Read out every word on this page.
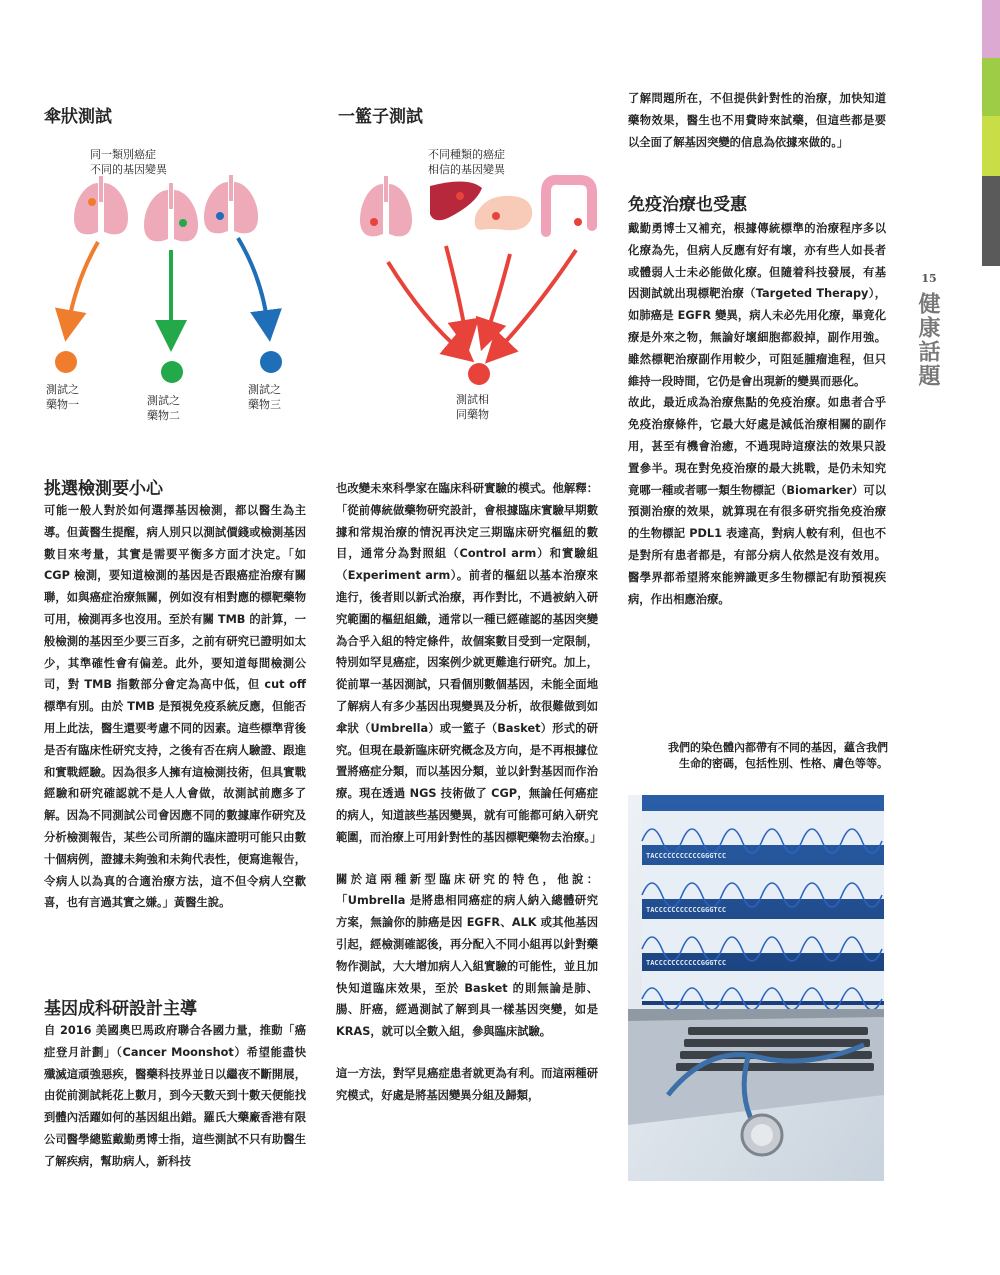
15
健康話題
傘狀測試
同一類別癌症
不同的基因變異
測試之
藥物一	測試之
藥物二
測試之
藥物三
一籃子測試
不同種類的癌症
相信的基因變異
測試相
同藥物
挑選檢測要小心

可能一般人對於如何選擇基因檢測，都以醫生為主導。但黃醫生提醒，病人別只以測試價錢或檢測基因數目來考量，其實是需要平衡多方面才決定。「如 CGP 檢測，要知道檢測的基因是否跟癌症治療有關聯，如與癌症治療無關，例如沒有相對應的標靶藥物可用，檢測再多也沒用。至於有關 TMB 的計算，一般檢測的基因至少要三百多，之前有研究已證明如太少，其準確性會有偏差。此外，要知道每間檢測公司，對 TMB 指數部分會定為高中低，但 cut off 標準有別。由於 TMB 是預視免疫系統反應，但能否用上此法，醫生還要考慮不同的因素。這些標準背後是否有臨床性研究支持，之後有否在病人驗證、跟進和實戰經驗。因為很多人擁有這檢測技術，但具實戰經驗和研究確認就不是人人會做，故測試前應多了解。因為不同測試公司會因應不同的數據庫作研究及分析檢測報告，某些公司所謂的臨床證明可能只由數十個病例，證據未夠強和未夠代表性，便寫進報告，令病人以為真的合適治療方法，這不但令病人空歡喜，也有言過其實之嫌。」黃醫生說。

基因成科研設計主導

自 2016 美國奧巴馬政府聯合各國力量，推動「癌症登月計劃」（Cancer Moonshot）希望能盡快殲滅這頑強惡疾，醫藥科技界並日以繼夜不斷開展，由從前測試耗花上數月，到今天數天到十數天便能找到體內活躍如何的基因組出錯。羅氏大藥廠香港有限公司醫學總監戴勤勇博士指，這些測試不只有助醫生了解疾病，幫助病人，新科技

也改變未來科學家在臨床科研實驗的模式。他解釋：「從前傳統做藥物研究設計，會根據臨床實驗早期數據和常規治療的情況再決定三期臨床研究樞紐的數目，通常分為對照組（Control arm）和實驗組（Experiment arm）。前者的樞紐以基本治療來進行，後者則以新式治療，再作對比，不過被納入研究範圍的樞紐組織，通常以一種已經確認的基因突變為合乎入組的特定條件，故個案數目受到一定限制，特別如罕見癌症，因案例少就更難進行研究。加上，從前單一基因測試，只看個別數個基因，未能全面地了解病人有多少基因出現變異及分析，故很難做到如傘狀（Umbrella）或一籃子（Basket）形式的研究。但現在最新臨床研究概念及方向，是不再根據位置將癌症分類，而以基因分類，並以針對基因而作治療。現在透過 NGS 技術做了 CGP，無論任何癌症的病人，知道該些基因變異，就有可能都可納入研究範圍，而治療上可用針對性的基因標靶藥物去治療。」

關於這兩種新型臨床研究的特色，他說：「Umbrella 是將患相同癌症的病人納入總體研究方案，無論你的肺癌是因 EGFR、ALK 或其他基因引起，經檢測確認後，再分配入不同小組再以針對藥物作測試，大大增加病人入組實驗的可能性，並且加快知道臨床效果，至於 Basket 的則無論是肺、腸、肝癌，經過測試了解到具一樣基因突變，如是 KRAS，就可以全數入組，參與臨床試驗。

這一方法，對罕見癌症患者就更為有利。而這兩種研究模式，好處是將基因變異分組及歸類，

了解問題所在，不但提供針對性的治療，加快知道藥物效果，醫生也不用費時來試藥，但這些都是要以全面了解基因突變的信息為依據來做的。」

免疫治療也受惠

戴勤勇博士又補充，根據傳統標準的治療程序多以化療為先，但病人反應有好有壞，亦有些人如長者或體弱人士未必能做化療。但隨着科技發展，有基因測試就出現標靶治療（Targeted Therapy），如肺癌是 EGFR 變異，病人未必先用化療，畢竟化療是外來之物，無論好壞細胞都殺掉，副作用強。雖然標靶治療副作用較少，可阻延腫瘤進程，但只維持一段時間，它仍是會出現新的變異而惡化。

故此，最近成為治療焦點的免疫治療。如患者合乎免疫治療條件，它最大好處是減低治療相關的副作用，甚至有機會治癒，不過現時這療法的效果只設置參半。現在對免疫治療的最大挑戰，是仍未知究竟哪一種或者哪一類生物標記（Biomarker）可以預測治療的效果，就算現在有很多研究指免疫治療的生物標記 PDL1 表達高，對病人較有利，但也不是對所有患者都是，有部分病人依然是沒有效用。醫學界都希望將來能辨識更多生物標記有助預視疾病，作出相應治療。

我們的染色體內都帶有不同的基因，蘊含我們生命的密碼，包括性別、性格、膚色等等。
TACCCCCCCCCCCGGGTCC
TACCCCCCCCCCCGGGTCC
TACCCCCCCCCCCGGGTCC
